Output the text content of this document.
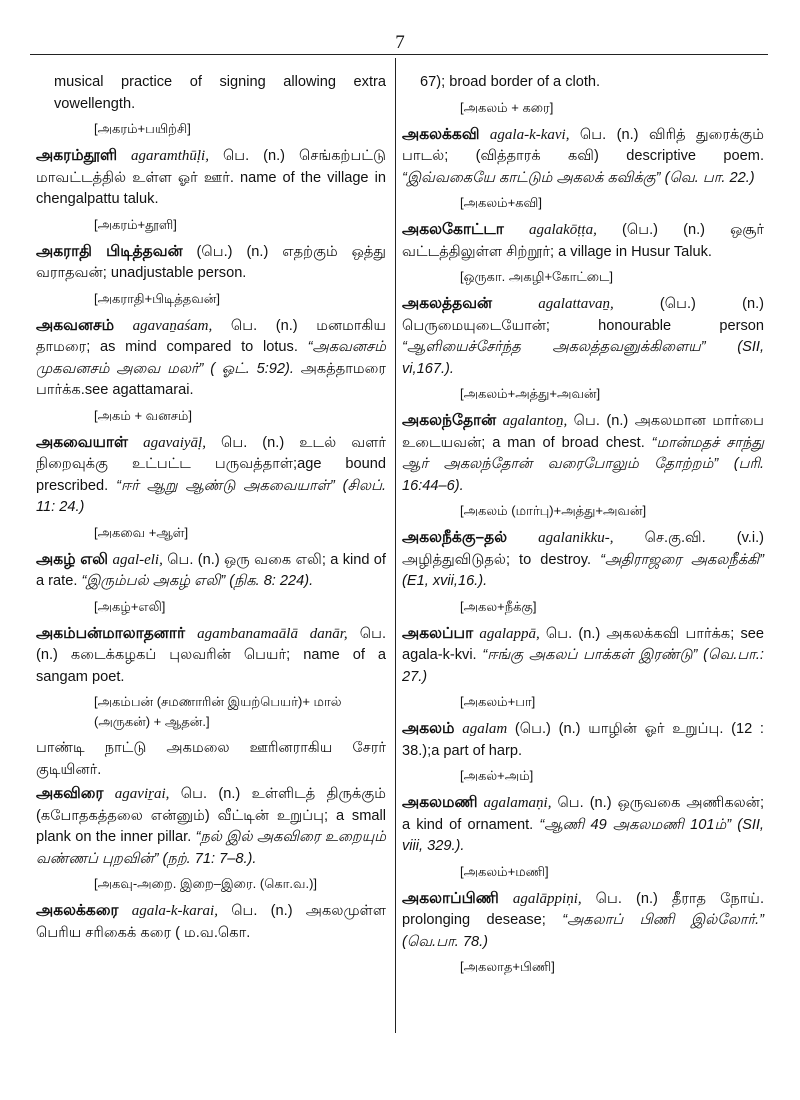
7
musical practice of signing allowing extra vowellength.
[அகரம்+பயிற்சி]
அகரம்தூளி agaramthūḷi, பெ. (n.) செங்கற்பட்டு மாவட்டத்தில் உள்ள ஓர் ஊர். name of the village in chengalpattu taluk.
[அகரம்+தூளி]
அகராதி பிடித்தவன் (பெ.) (n.) எதற்கும் ஒத்து வராதவன்; unadjustable person.
[அகராதி+பிடித்தவன்]
அகவனசம் agavaṉaśam, பெ. (n.) மனமாகிய தாமரை; as mind compared to lotus. “அகவனசம் முகவனசம் அவை மலர்” ( ஓட். 5:92). அகத்தாமரை பார்க்க.see agattamarai.
[அகம் + வனசம்]
அகவையாள் agavaiyāḷ, பெ. (n.) உடல் வளர் நிறைவுக்கு உட்பட்ட பருவத்தாள்;age bound prescribed. “ஈர் ஆறு ஆண்டு அகவையாள்” (சிலப். 11: 24.)
[அகவை +ஆள்]
அகழ் எலி agal-eli, பெ. (n.) ஒரு வகை எலி; a kind of a rate. “இரும்பல் அகழ் எலி” (நிக. 8: 224).
[அகழ்+எலி]
அகம்பன்மாலாதனார் agambanamaālā danār, பெ. (n.) கடைக்கழகப் புலவரின் பெயர்; name of a sangam poet.
[அகம்பன் (சமணாரின் இயற்பெயர்)+ மால் (அருகன்) + ஆதன்.]
பாண்டி நாட்டு அகமலை ஊரினராகிய சேரர் குடியினர்.
அகவிரை agaviṟai, பெ. (n.) உள்ளிடத் திருக்கும் (கபோதகத்தலை என்னும்) வீட்டின் உறுப்பு; a small plank on the inner pillar. “நல் இல் அகவிரை உறையும் வண்ணப் புறவின்” (நற். 71: 7–8.).
[அகவு-அறை. இறை–இரை. (கொ.வ.)]
அகலக்கரை agala-k-karai, பெ. (n.) அகலமுள்ள பெரிய சரிகைக் கரை ( ம.வ.கொ.
67); broad border of a cloth.
[அகலம் + கரை]
அகலக்கவி agala-k-kavi, பெ. (n.) விரித் துரைக்கும் பாடல்; (வித்தாரக் கவி) descriptive poem. “இவ்வகையே காட்டும் அகலக் கவிக்கு” (வெ. பா. 22.)
[அகலம்+கவி]
அகலகோட்டா agalakōṭṭa, (பெ.) (n.) ஒசூர் வட்டத்திலுள்ள சிற்றூர்; a village in Husur Taluk.
[ஒருகா. அகழி+கோட்டை]
அகலத்தவன்	agalattavaṉ,	(பெ.) (n.) பெருமையுடையோன்; honourable person “ஆளியைச்சேர்ந்த அகலத்தவனுக்கிளைய” (SII, vi,167.).
[அகலம்+அத்து+அவன்]
அகலந்தோன் agalantoṉ, பெ. (n.) அகலமான மார்பை உடையவன்; a man of broad chest. “மான்மதச் சாந்து ஆர் அகலந்தோன் வரைபோலும் தோற்றம்” (பரி. 16:44–6).
[அகலம் (மார்பு)+அத்து+அவன்]
அகலநீக்கு–தல் agalanikku-, செ.கு.வி. (v.i.) அழித்துவிடுதல்; to destroy. “அதிராஜரை அகலநீக்கி” (E1, xvii,16.).
[அகல+நீக்கு]
அகலப்பா agalappā, பெ. (n.) அகலக்கவி பார்க்க; see agala-k-kvi. “ஈங்கு அகலப் பாக்கள் இரண்டு” (வெ.பா.: 27.)
[அகலம்+பா]
அகலம் agalam (பெ.) (n.) யாழின் ஓர் உறுப்பு. (12 : 38.);a part of harp.
[அகல்+அம்]
அகலமணி agalamaṇi, பெ. (n.) ஒருவகை அணிகலன்; a kind of ornament. “ஆணி 49 அகலமணி 101ம்” (SII, viii, 329.).
[அகலம்+மணி]
அகலாப்பிணி agalāppiṇi, பெ. (n.) தீராத நோய். prolonging desease; “அகலாப் பிணி இல்லோர்.” (வெ.பா. 78.)
[அகலாத+பிணி]
